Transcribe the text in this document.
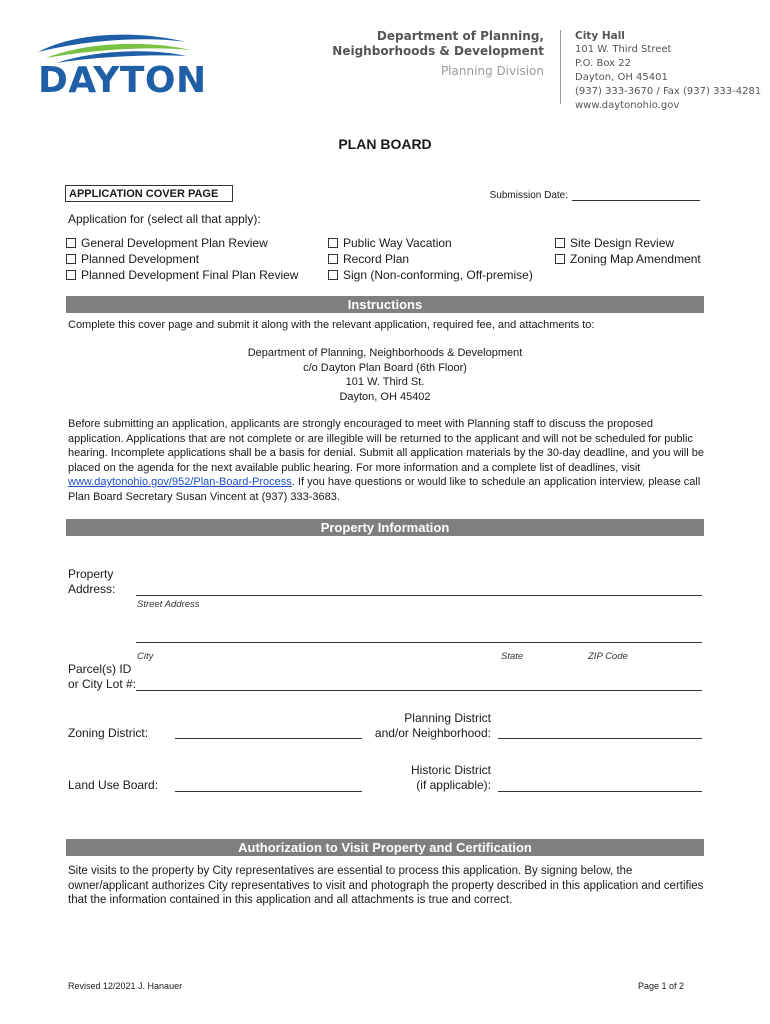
DAYTON
Department of Planning,
Neighborhoods & Development
Planning Division
City Hall
101 W. Third Street
P.O. Box 22
Dayton, OH 45401
(937) 333-3670 / Fax (937) 333-4281
www.daytonohio.gov
PLAN BOARD
APPLICATION COVER PAGE	Submission Date:
Application for (select all that apply):
General Development Plan Review
Planned Development
Planned Development Final Plan Review
Public Way Vacation
Record Plan
Sign (Non-conforming, Off-premise)
Site Design Review
Zoning Map Amendment
Instructions
Complete this cover page and submit it along with the relevant application, required fee, and attachments to:
Department of Planning, Neighborhoods & Development
c/o Dayton Plan Board (6th Floor)
101 W. Third St.
Dayton, OH 45402
Before submitting an application, applicants are strongly encouraged to meet with Planning staff to discuss the proposed application. Applications that are not complete or are illegible will be returned to the applicant and will not be scheduled for public hearing. Incomplete applications shall be a basis for denial. Submit all application materials by the 30-day deadline, and you will be placed on the agenda for the next available public hearing. For more information and a complete list of deadlines, visit www.daytonohio.gov/952/Plan-Board-Process. If you have questions or would like to schedule an application interview, please call Plan Board Secretary Susan Vincent at (937) 333-3683.
Property Information
Property
Address:
Street Address
City	State	ZIP Code
Parcel(s) ID
or City Lot #:
Zoning District:
Planning District
and/or Neighborhood:
Land Use Board:
Historic District
(if applicable):
Authorization to Visit Property and Certification
Site visits to the property by City representatives are essential to process this application. By signing below, the owner/applicant authorizes City representatives to visit and photograph the property described in this application and certifies that the information contained in this application and all attachments is true and correct.
Revised 12/2021 J. Hanauer	Page 1 of 2
